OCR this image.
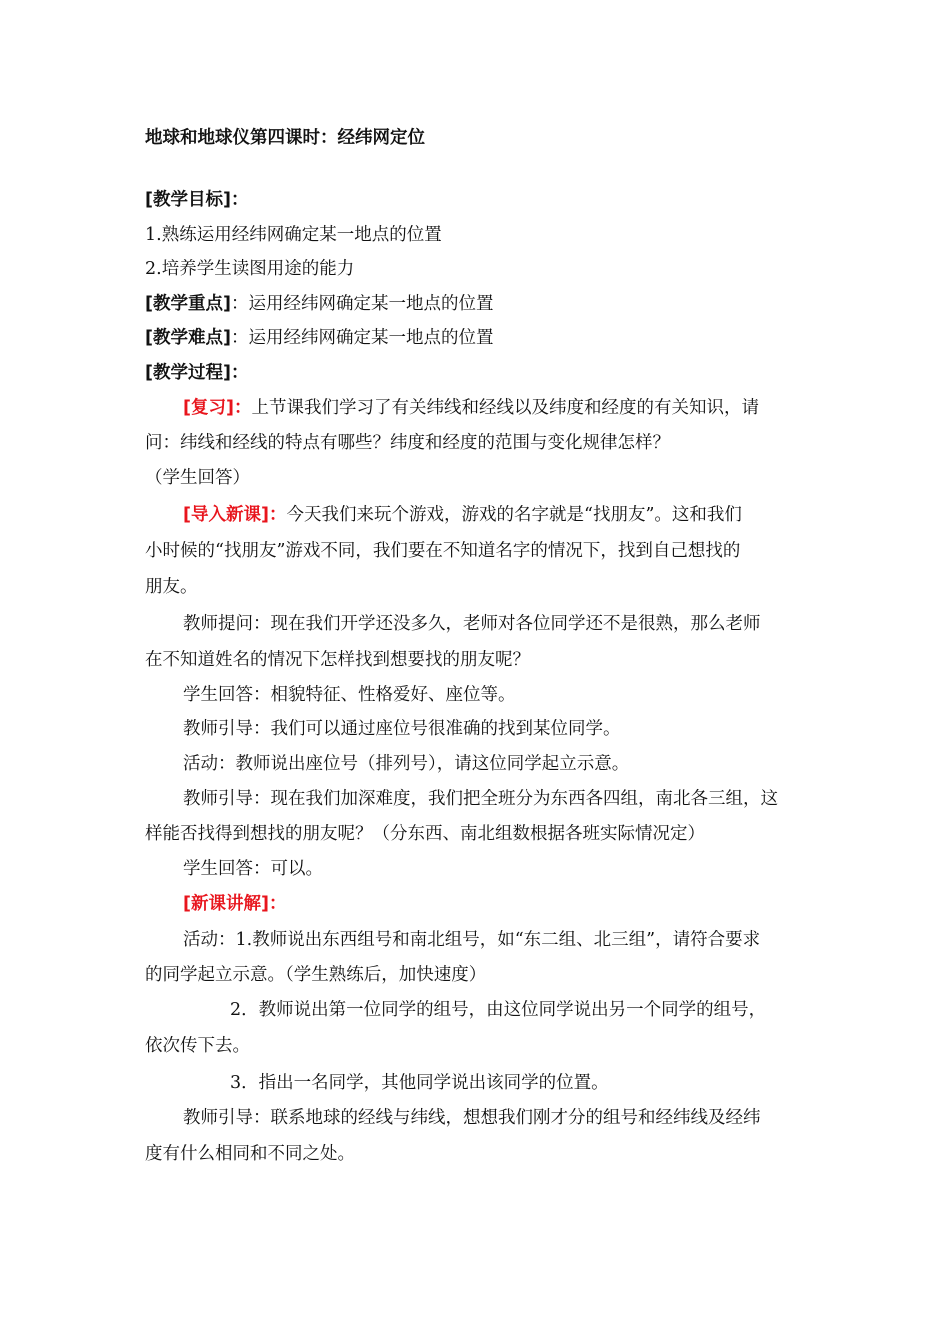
地球和地球仪第四课时：经纬网定位
[教学目标]：
1.熟练运用经纬网确定某一地点的位置
2.培养学生读图用途的能力
[教学重点]：运用经纬网确定某一地点的位置
[教学难点]：运用经纬网确定某一地点的位置
[教学过程]：
[复习]：上节课我们学习了有关纬线和经线以及纬度和经度的有关知识，请
问：纬线和经线的特点有哪些？纬度和经度的范围与变化规律怎样？
（学生回答）
[导入新课]：今天我们来玩个游戏，游戏的名字就是“找朋友”。这和我们
小时候的“找朋友”游戏不同，我们要在不知道名字的情况下，找到自己想找的
朋友。
教师提问：现在我们开学还没多久，老师对各位同学还不是很熟，那么老师
在不知道姓名的情况下怎样找到想要找的朋友呢？
学生回答：相貌特征、性格爱好、座位等。
教师引导：我们可以通过座位号很准确的找到某位同学。
活动：教师说出座位号（排列号），请这位同学起立示意。
教师引导：现在我们加深难度，我们把全班分为东西各四组，南北各三组，这
样能否找得到想找的朋友呢？（分东西、南北组数根据各班实际情况定）
学生回答：可以。
[新课讲解]：
活动：1.教师说出东西组号和南北组号，如“东二组、北三组”，请符合要求
的同学起立示意。（学生熟练后，加快速度）
2．教师说出第一位同学的组号，由这位同学说出另一个同学的组号，
依次传下去。
3．指出一名同学，其他同学说出该同学的位置。
教师引导：联系地球的经线与纬线，想想我们刚才分的组号和经纬线及经纬
度有什么相同和不同之处。
